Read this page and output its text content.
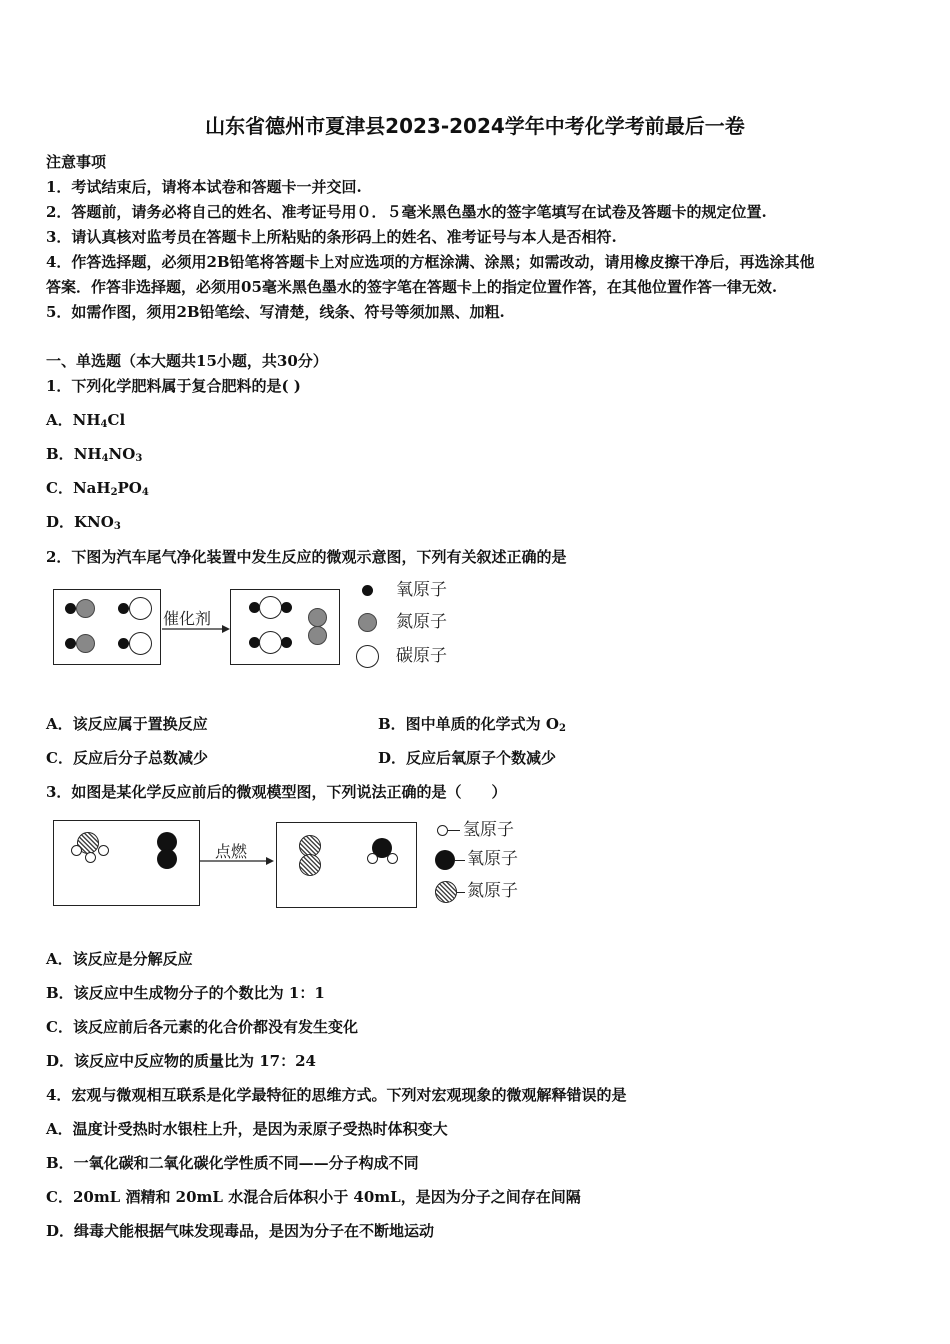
山东省德州市夏津县2023-2024学年中考化学考前最后一卷
注意事项
1．考试结束后，请将本试卷和答题卡一并交回.
2．答题前，请务必将自己的姓名、准考证号用０．５毫米黑色墨水的签字笔填写在试卷及答题卡的规定位置.
3．请认真核对监考员在答题卡上所粘贴的条形码上的姓名、准考证号与本人是否相符.
4．作答选择题，必须用2B铅笔将答题卡上对应选项的方框涂满、涂黑；如需改动，请用橡皮擦干净后，再选涂其他
答案．作答非选择题，必须用05毫米黑色墨水的签字笔在答题卡上的指定位置作答，在其他位置作答一律无效.
5．如需作图，须用2B铅笔绘、写清楚，线条、符号等须加黑、加粗.
一、单选题（本大题共15小题，共30分）
1．下列化学肥料属于复合肥料的是( )
A．$NH_4Cl$
B．$NH_4NO_3$
C．$NaH_2PO_4$
D．$KNO_3$
2．下图为汽车尾气净化装置中发生反应的微观示意图，下列有关叙述正确的是
催化剂
氧原子
氮原子
碳原子
A．该反应属于置换反应	B．图中单质的化学式为 $O_2$
C．反应后分子总数减少	D．反应后氧原子个数减少
3．如图是某化学反应前后的微观模型图，下列说法正确的是（　　）
点燃
氢原子
氧原子
氮原子
A．该反应是分解反应
B．该反应中生成物分子的个数比为 1：1
C．该反应前后各元素的化合价都没有发生变化
D．该反应中反应物的质量比为 17：24
4．宏观与微观相互联系是化学最特征的思维方式。下列对宏观现象的微观解释错误的是
A．温度计受热时水银柱上升，是因为汞原子受热时体积变大
B．一氧化碳和二氧化碳化学性质不同——分子构成不同
C．20mL 酒精和 20mL 水混合后体积小于 40mL，是因为分子之间存在间隔
D．缉毒犬能根据气味发现毒品，是因为分子在不断地运动
